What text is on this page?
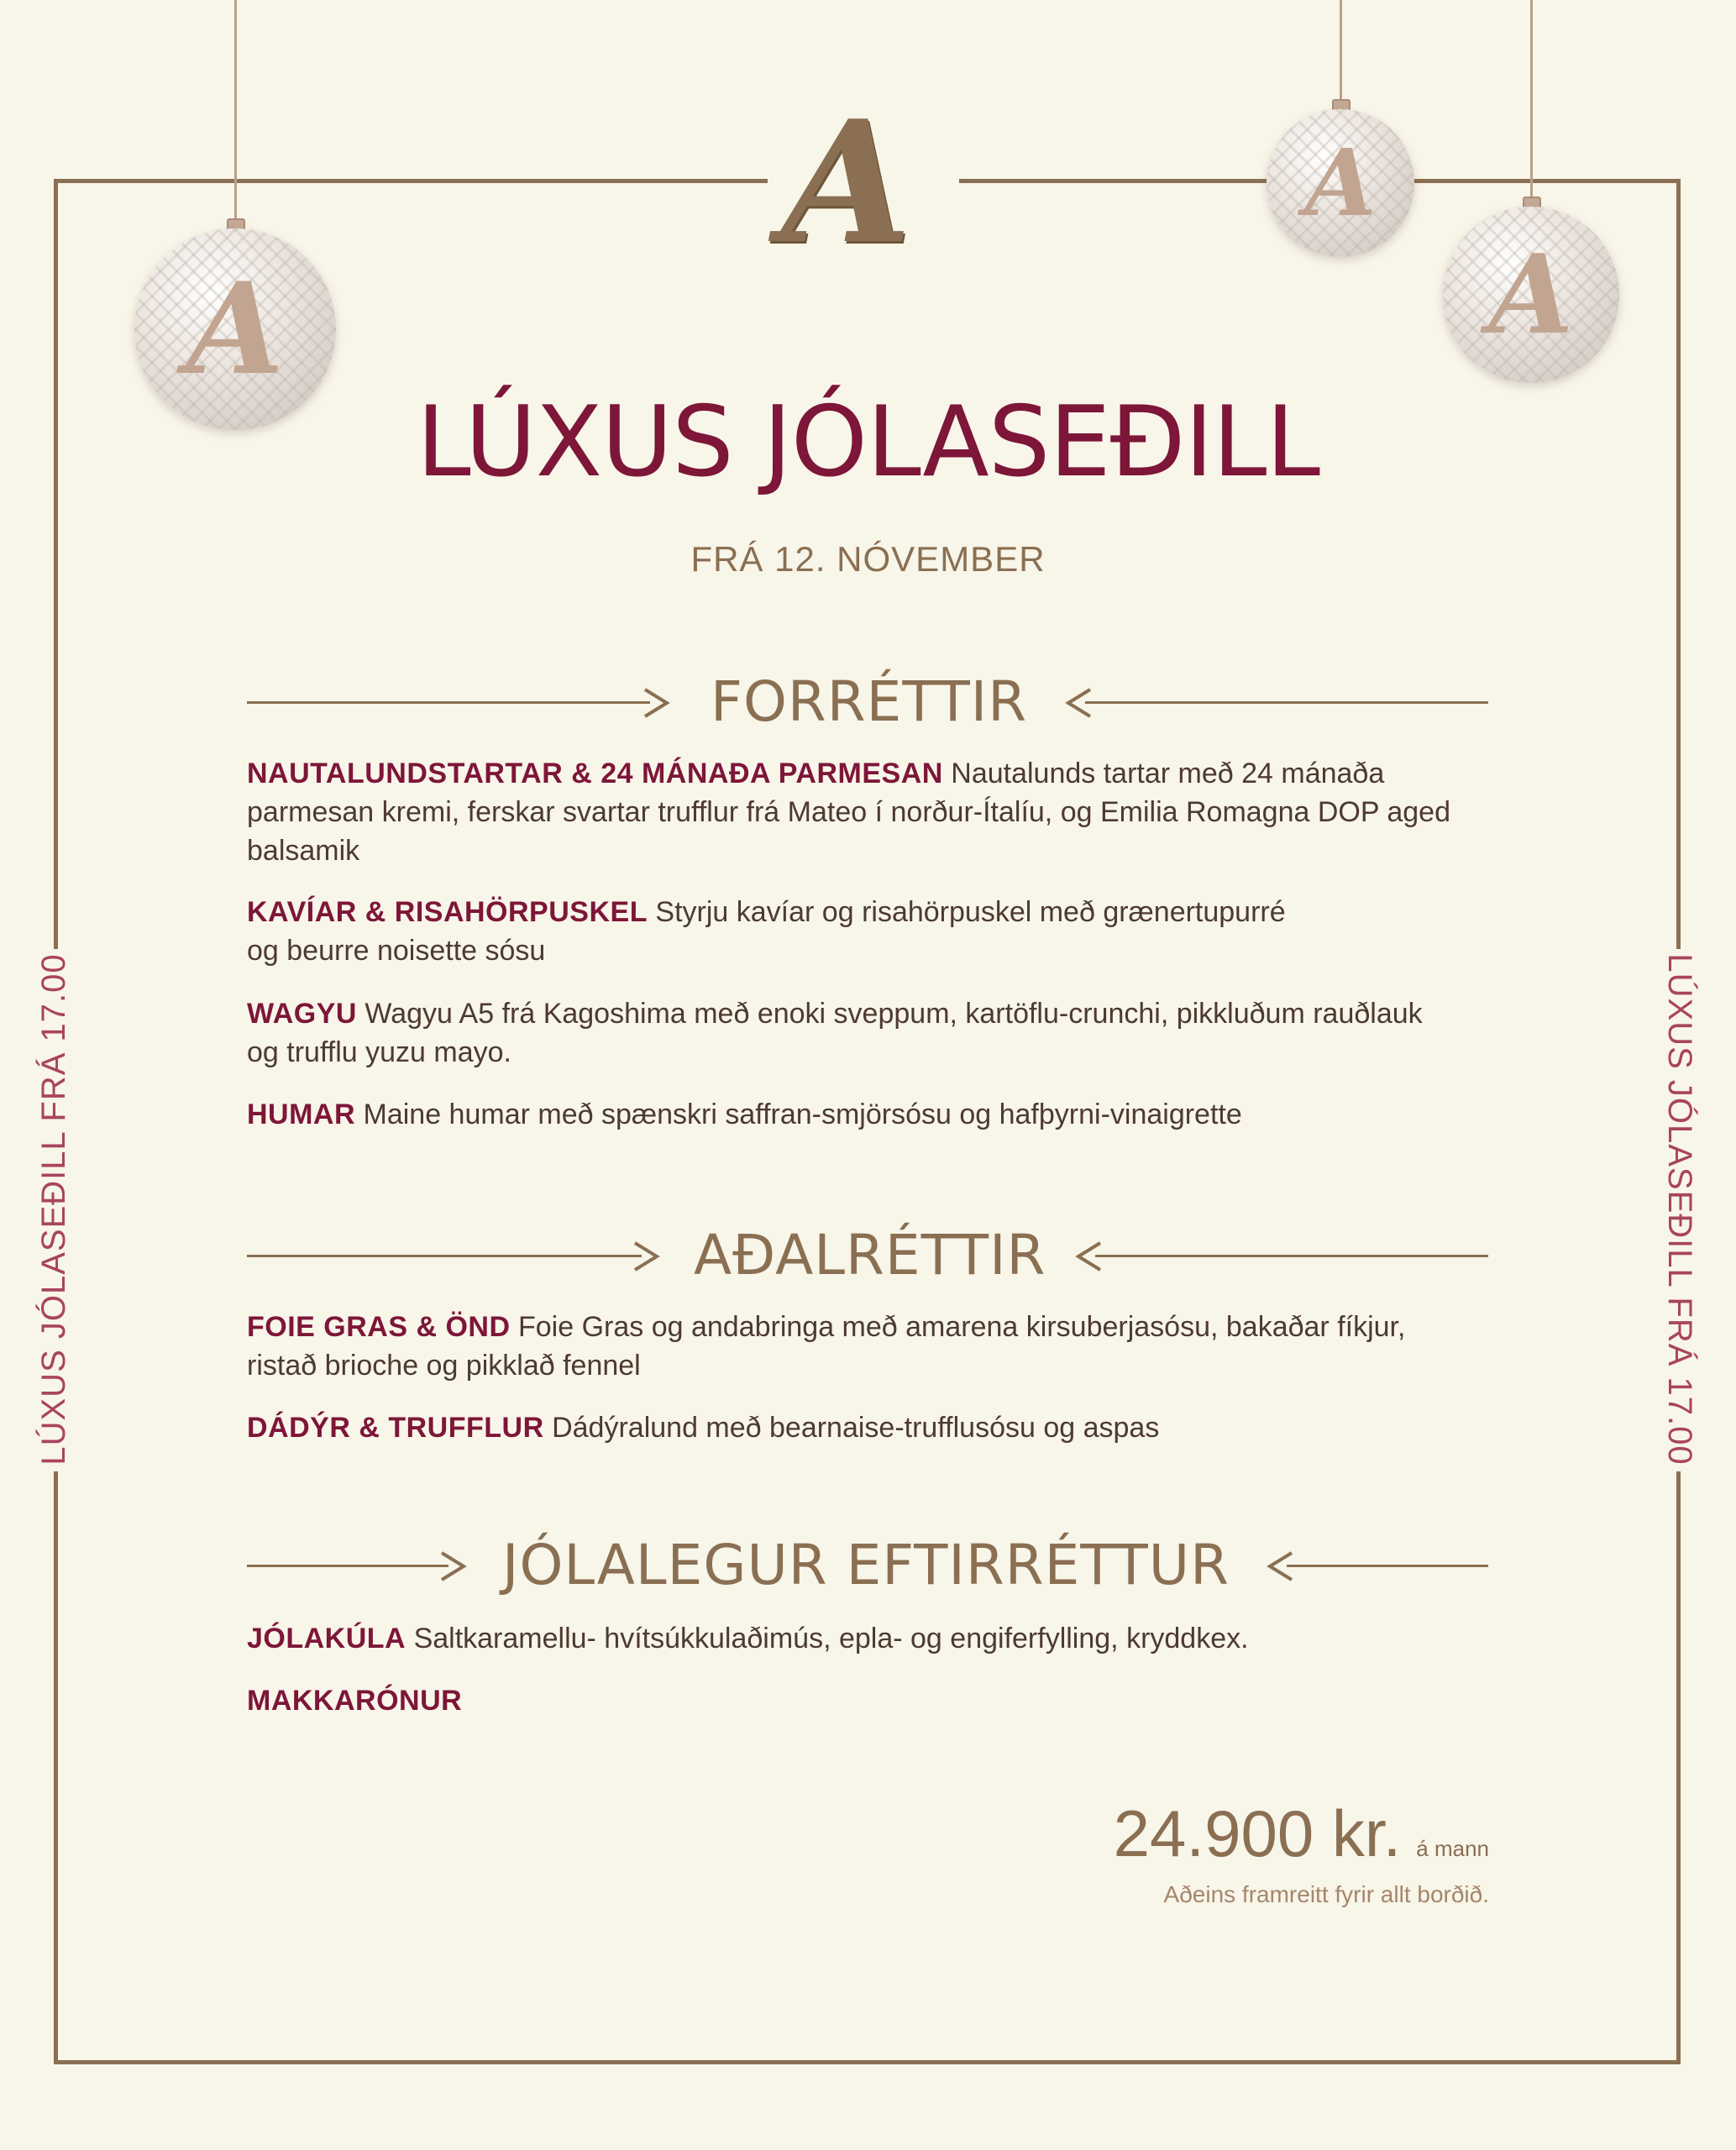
A
A
A
A
LÚXUS JÓLASEÐILL
FRÁ 12. NÓVEMBER
LÚXUS JÓLASEÐILL FRÁ 17.00	LÚXUS JÓLASEÐILL FRÁ 17.00
FORRÉTTIR
NAUTALUNDSTARTAR & 24 MÁNAÐA PARMESAN Nautalunds tartar með 24 mánaða parmesan kremi, ferskar svartar trufflur frá Mateo í norður-Ítalíu, og Emilia Romagna DOP aged balsamik
KAVÍAR & RISAHÖRPUSKEL Styrju kavíar og risahörpuskel með grænertupurré og beurre noisette sósu
WAGYU Wagyu A5 frá Kagoshima með enoki sveppum, kartöflu-crunchi, pikkluðum rauðlauk og trufflu yuzu mayo.
HUMAR Maine humar með spænskri saffran-smjörsósu og hafþyrni-vinaigrette
AÐALRÉTTIR
FOIE GRAS & ÖND Foie Gras og andabringa með amarena kirsuberjasósu, bakaðar fíkjur, ristað brioche og pikklað fennel
DÁDÝR & TRUFFLUR Dádýralund með bearnaise-trufflusósu og aspas
JÓLALEGUR EFTIRRÉTTUR
JÓLAKÚLA Saltkaramellu- hvítsúkkulaðimús, epla- og engiferfylling, kryddkex.
MAKKARÓNUR
24.900 kr. á mann
Aðeins framreitt fyrir allt borðið.
